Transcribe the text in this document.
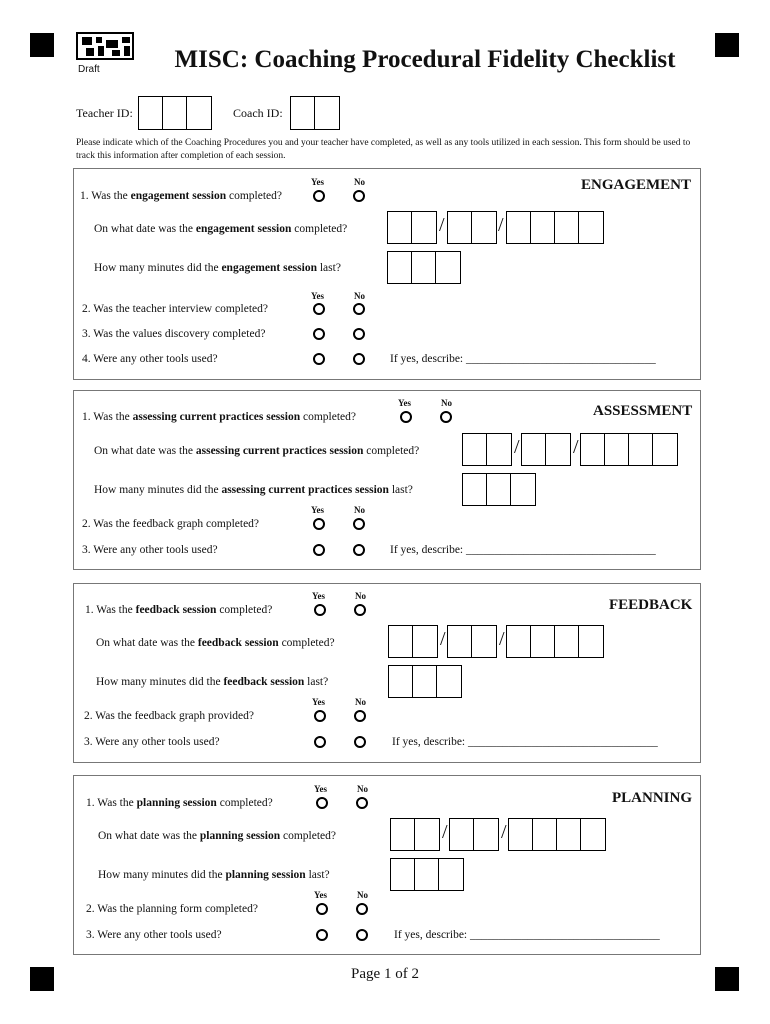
Draft	MISC: Coaching Procedural Fidelity Checklist
Teacher ID:	Coach ID:
Please indicate which of the Coaching Procedures you and your teacher have completed, as well as any tools utilized in each session. This form should be used to track this information after completion of each session.
ENGAGEMENT
Yes	No
1. Was the engagement session completed?
On what date was the engagement session completed?	/	/
How many minutes did the engagement session last?
Yes	No
2. Was the teacher interview completed?
3. Was the values discovery completed?
4. Were any other tools used?	If yes, describe: _________________________________
ASSESSMENT
Yes	No
1. Was the assessing current practices session completed?
On what date was the assessing current practices session completed?	/	/
How many minutes did the assessing current practices session last?
Yes	No
2. Was the feedback graph completed?
3. Were any other tools used?	If yes, describe: _________________________________
FEEDBACK
Yes	No
1. Was the feedback session completed?
On what date was the feedback session completed?	/	/
How many minutes did the feedback session last?
Yes	No
2. Was the feedback graph provided?
3. Were any other tools used?	If yes, describe: _________________________________
PLANNING
Yes	No
1. Was the planning session completed?
On what date was the planning session completed?	/	/
How many minutes did the planning session last?
Yes	No
2. Was the planning form completed?
3. Were any other tools used?	If yes, describe: _________________________________
Page 1 of 2
